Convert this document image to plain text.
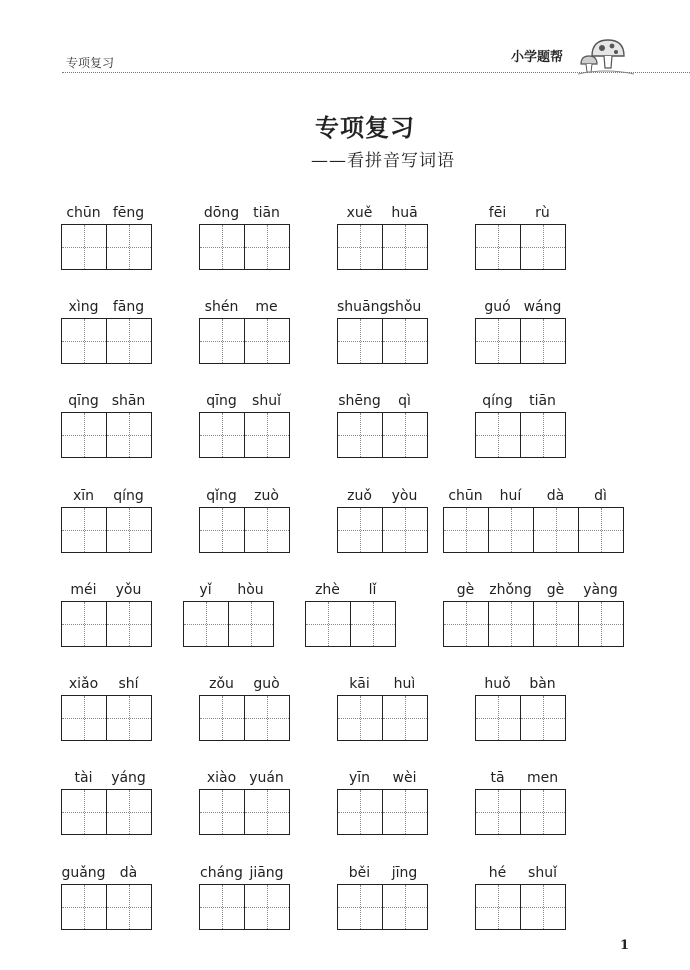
专项复习	小学题帮
专项复习
——看拼音写词语
chūn fēng	dōng tiān	xuě huā	fēi rù
xìng fāng	shén me	shuāngshǒu	guó wáng
qīng shān	qīng shuǐ	shēng qì	qíng tiān
xīn qíng	qǐng zuò	zuǒ yòu	chūn huí dà dì
méi yǒu	yǐ hòu	zhè lǐ	gè zhǒng gè yàng
xiǎo shí	zǒu guò	kāi huì	huǒ bàn
tài yáng	xiào yuán	yīn wèi	tā men
guǎng dà	cháng jiāng	běi jīng	hé shuǐ
1
